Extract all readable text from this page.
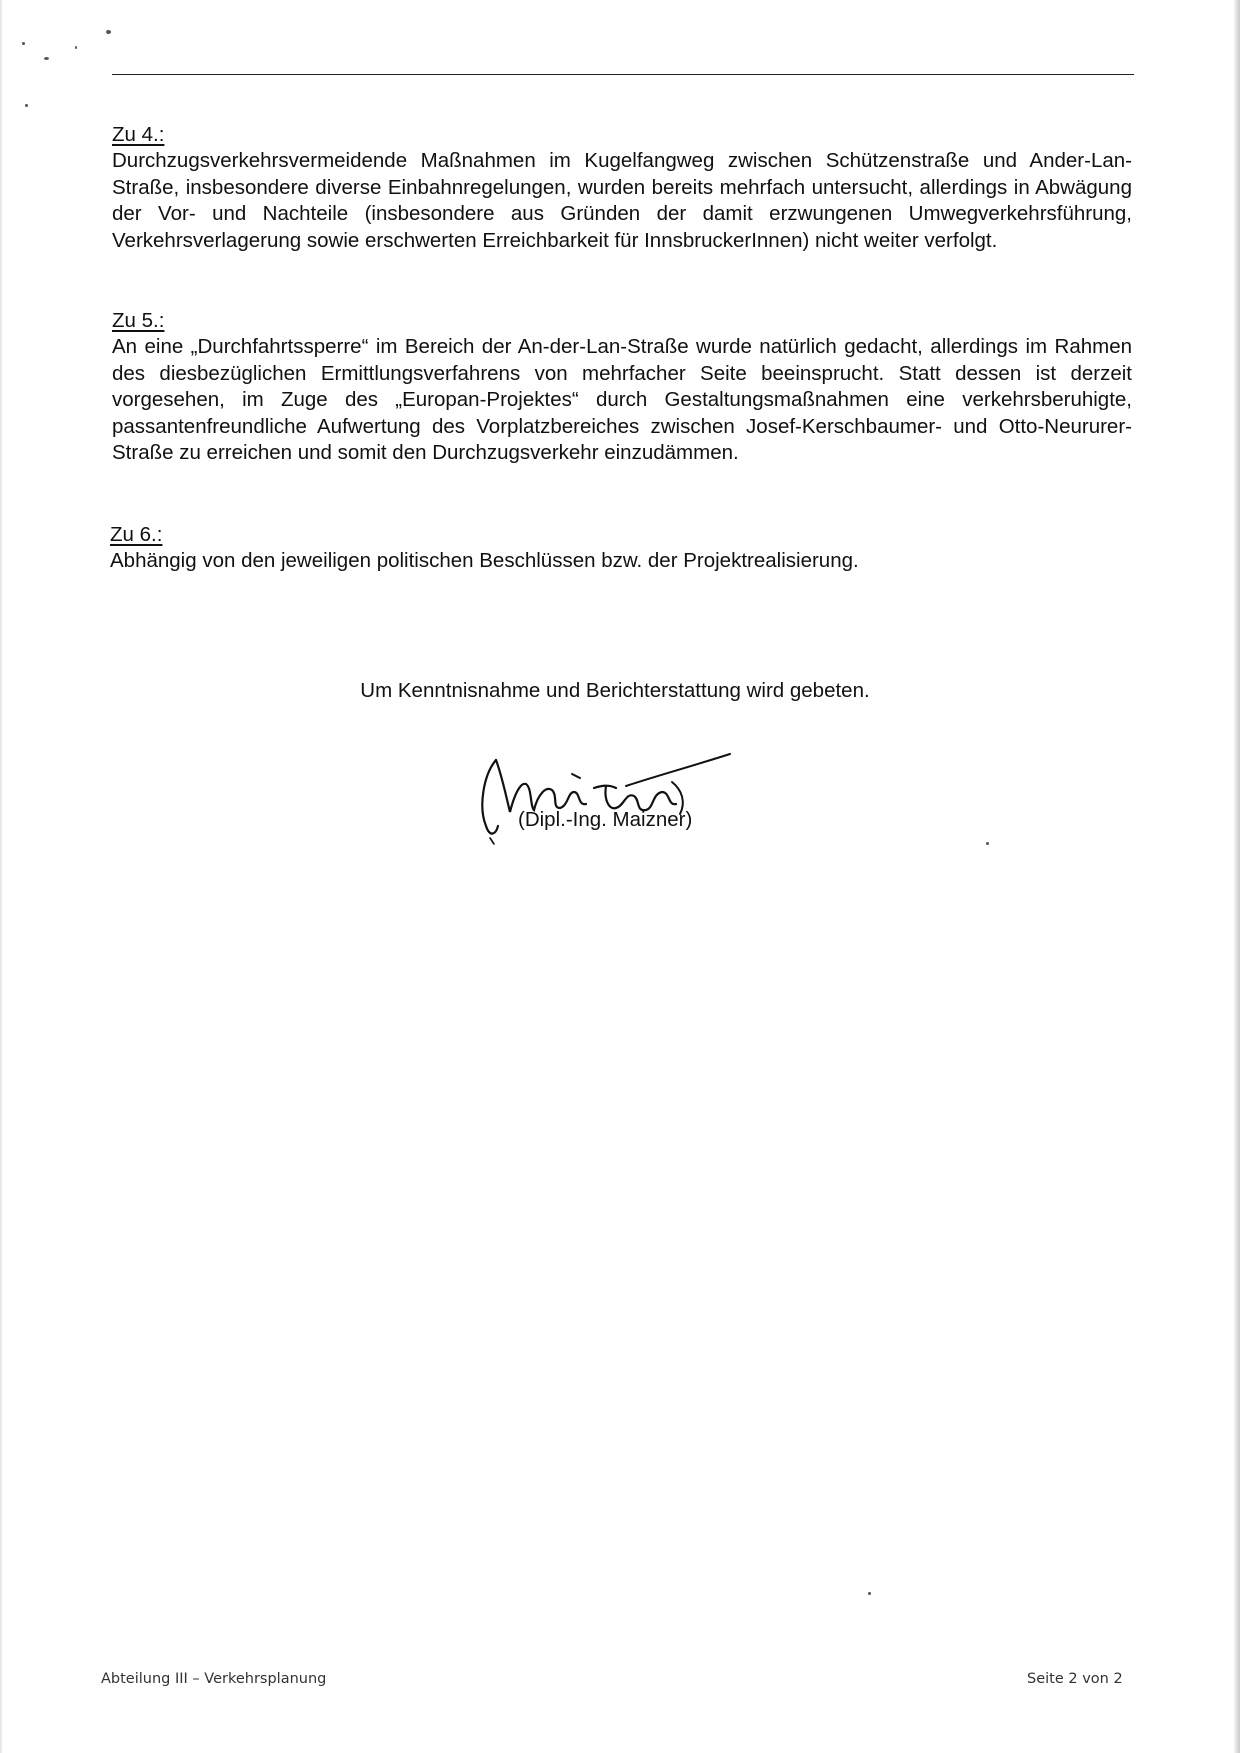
Zu 4.:

Durchzugsverkehrsvermeidende Maßnahmen im Kugelfangweg zwischen Schützenstraße und Ander-Lan-Straße, insbesondere diverse Einbahnregelungen, wurden bereits mehrfach untersucht, allerdings in Abwägung der Vor- und Nachteile (insbesondere aus Gründen der damit erzwungenen Umwegverkehrsführung, Verkehrsverlagerung sowie erschwerten Erreichbarkeit für InnsbruckerInnen) nicht weiter verfolgt.

Zu 5.:

An eine „Durchfahrtssperre“ im Bereich der An-der-Lan-Straße wurde natürlich gedacht, allerdings im Rahmen des diesbezüglichen Ermittlungsverfahrens von mehrfacher Seite beeinsprucht. Statt dessen ist derzeit vorgesehen, im Zuge des „Europan-Projektes“ durch Gestaltungsmaßnahmen eine verkehrsberuhigte, passantenfreundliche Aufwertung des Vorplatzbereiches zwischen Josef-Kerschbaumer- und Otto-Neururer-Straße zu erreichen und somit den Durchzugsverkehr einzudämmen.

Zu 6.:

Abhängig von den jeweiligen politischen Beschlüssen bzw. der Projektrealisierung.

Um Kenntnisnahme und Berichterstattung wird gebeten.
(Dipl.-Ing. Maizner)
Abteilung III – Verkehrsplanung	Seite 2 von 2
